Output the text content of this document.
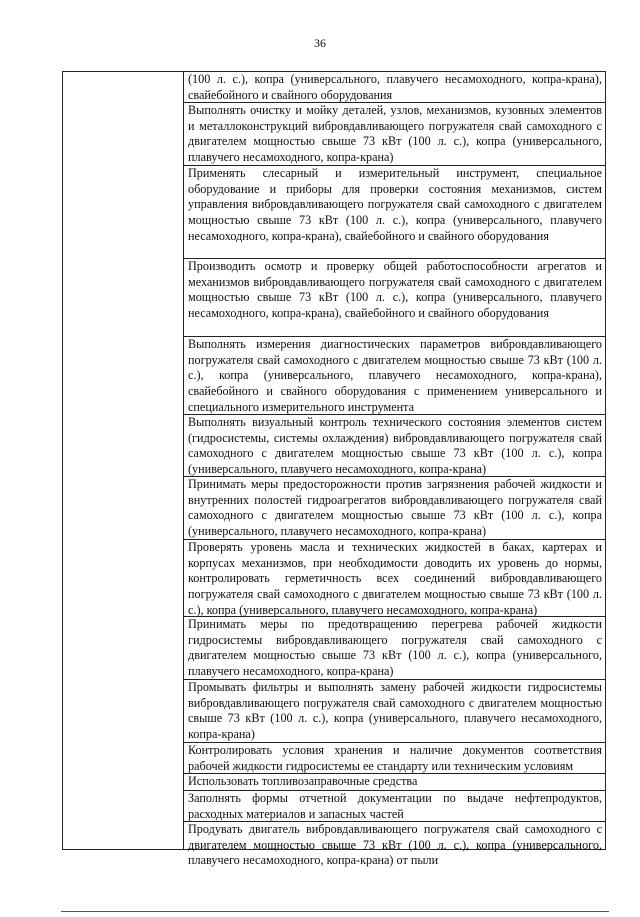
36
(100 л. с.), копра (универсального, плавучего несамоходного, копра-крана), свайебойного и свайного оборудования
Выполнять очистку и мойку деталей, узлов, механизмов, кузовных элементов и металлоконструкций вибровдавливающего погружателя свай самоходного с двигателем мощностью свыше 73 кВт (100 л. с.), копра (универсального, плавучего несамоходного, копра-крана)
Применять слесарный и измерительный инструмент, специальное оборудование и приборы для проверки состояния механизмов, систем управления вибровдавливающего погружателя свай самоходного с двигателем мощностью свыше 73 кВт (100 л. с.), копра (универсального, плавучего несамоходного, копра-крана), свайебойного и свайного оборудования
Производить осмотр и проверку общей работоспособности агрегатов и механизмов вибровдавливающего погружателя свай самоходного с двигателем мощностью свыше 73 кВт (100 л. с.), копра (универсального, плавучего несамоходного, копра-крана), свайебойного и свайного оборудования
Выполнять измерения диагностических параметров вибровдавливающего погружателя свай самоходного с двигателем мощностью свыше 73 кВт (100 л. с.), копра (универсального, плавучего несамоходного, копра-крана), свайебойного и свайного оборудования с применением универсального и специального измерительного инструмента
Выполнять визуальный контроль технического состояния элементов систем (гидросистемы, системы охлаждения) вибровдавливающего погружателя свай самоходного с двигателем мощностью свыше 73 кВт (100 л. с.), копра (универсального, плавучего несамоходного, копра-крана)
Принимать меры предосторожности против загрязнения рабочей жидкости и внутренних полостей гидроагрегатов вибровдавливающего погружателя свай самоходного с двигателем мощностью свыше 73 кВт (100 л. с.), копра (универсального, плавучего несамоходного, копра-крана)
Проверять уровень масла и технических жидкостей в баках, картерах и корпусах механизмов, при необходимости доводить их уровень до нормы, контролировать герметичность всех соединений вибровдавливающего погружателя свай самоходного с двигателем мощностью свыше 73 кВт (100 л. с.), копра (универсального, плавучего несамоходного, копра-крана)
Принимать меры по предотвращению перегрева рабочей жидкости гидросистемы вибровдавливающего погружателя свай самоходного с двигателем мощностью свыше 73 кВт (100 л. с.), копра (универсального, плавучего несамоходного, копра-крана)
Промывать фильтры и выполнять замену рабочей жидкости гидросистемы вибровдавливающего погружателя свай самоходного с двигателем мощностью свыше 73 кВт (100 л. с.), копра (универсального, плавучего несамоходного, копра-крана)
Контролировать условия хранения и наличие документов соответствия рабочей жидкости гидросистемы ее стандарту или техническим условиям
Использовать топливозаправочные средства
Заполнять формы отчетной документации по выдаче нефтепродуктов, расходных материалов и запасных частей
Продувать двигатель вибровдавливающего погружателя свай самоходного с двигателем мощностью свыше 73 кВт (100 л. с.), копра (универсального, плавучего несамоходного, копра-крана) от пыли
